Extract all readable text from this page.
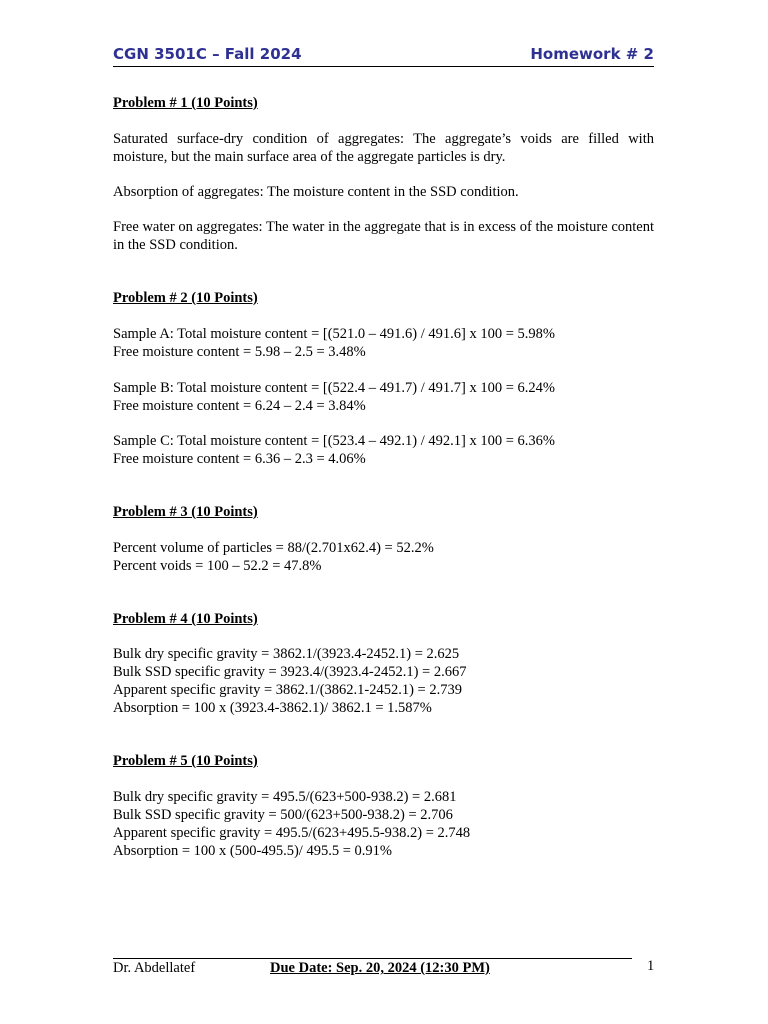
CGN 3501C – Fall 2024	Homework # 2

Problem # 1 (10 Points)

Saturated surface-dry condition of aggregates: The aggregate’s voids are filled with moisture, but the main surface area of the aggregate particles is dry.

Absorption of aggregates: The moisture content in the SSD condition.

Free water on aggregates: The water in the aggregate that is in excess of the moisture content in the SSD condition.

Problem # 2 (10 Points)

Sample A: Total moisture content = [(521.0 – 491.6) / 491.6] x 100 = 5.98%

Free moisture content = 5.98 – 2.5 = 3.48%

Sample B: Total moisture content = [(522.4 – 491.7) / 491.7] x 100 = 6.24%

Free moisture content = 6.24 – 2.4 = 3.84%

Sample C: Total moisture content = [(523.4 – 492.1) / 492.1] x 100 = 6.36%

Free moisture content = 6.36 – 2.3 = 4.06%

Problem # 3 (10 Points)

Percent volume of particles = 88/(2.701x62.4) = 52.2%

Percent voids = 100 – 52.2 = 47.8%

Problem # 4 (10 Points)

Bulk dry specific gravity = 3862.1/(3923.4-2452.1) = 2.625

Bulk SSD specific gravity = 3923.4/(3923.4-2452.1) = 2.667

Apparent specific gravity = 3862.1/(3862.1-2452.1) = 2.739

Absorption = 100 x (3923.4-3862.1)/ 3862.1 = 1.587%

Problem # 5 (10 Points)

Bulk dry specific gravity = 495.5/(623+500-938.2) = 2.681

Bulk SSD specific gravity = 500/(623+500-938.2) = 2.706

Apparent specific gravity = 495.5/(623+495.5-938.2) = 2.748

Absorption = 100 x (500-495.5)/ 495.5 = 0.91%

Dr. Abdellatef	Due Date: Sep. 20, 2024 (12:30 PM)	1
